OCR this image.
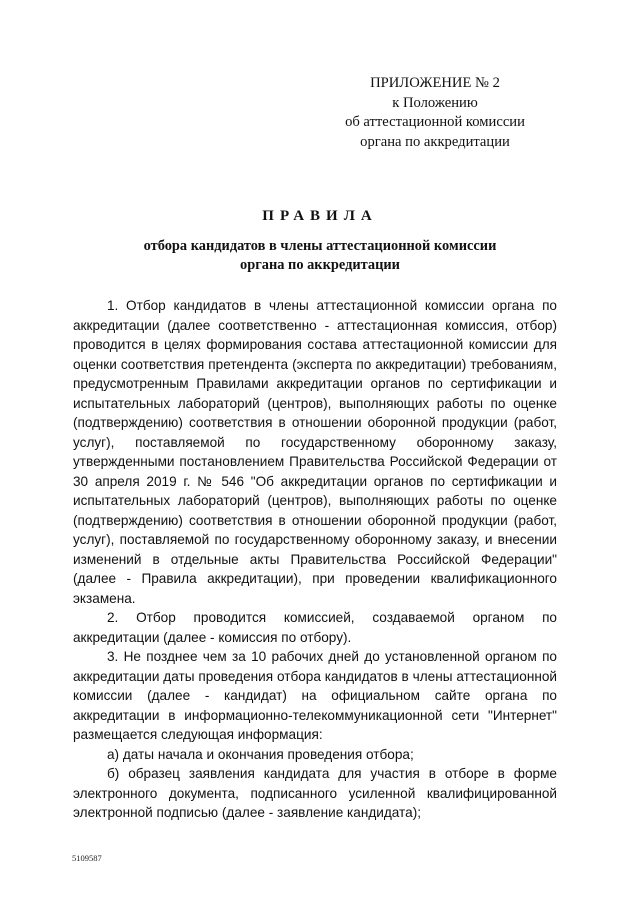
ПРИЛОЖЕНИЕ № 2
к Положению
об аттестационной комиссии
органа по аккредитации
ПРАВИЛА
отбора кандидатов в члены аттестационной комиссии
органа по аккредитации

1. Отбор кандидатов в члены аттестационной комиссии органа по аккредитации (далее соответственно - аттестационная комиссия, отбор) проводится в целях формирования состава аттестационной комиссии для оценки соответствия претендента (эксперта по аккредитации) требованиям, предусмотренным Правилами аккредитации органов по сертификации и испытательных лабораторий (центров), выполняющих работы по оценке (подтверждению) соответствия в отношении оборонной продукции (работ, услуг), поставляемой по государственному оборонному заказу, утвержденными постановлением Правительства Российской Федерации от 30 апреля 2019 г. № 546 "Об аккредитации органов по сертификации и испытательных лабораторий (центров), выполняющих работы по оценке (подтверждению) соответствия в отношении оборонной продукции (работ, услуг), поставляемой по государственному оборонному заказу, и внесении изменений в отдельные акты Правительства Российской Федерации" (далее - Правила аккредитации), при проведении квалификационного экзамена.

2. Отбор проводится комиссией, создаваемой органом по аккредитации (далее - комиссия по отбору).

3. Не позднее чем за 10 рабочих дней до установленной органом по аккредитации даты проведения отбора кандидатов в члены аттестационной комиссии (далее - кандидат) на официальном сайте органа по аккредитации в информационно-телекоммуникационной сети "Интернет" размещается следующая информация:

а) даты начала и окончания проведения отбора;

б) образец заявления кандидата для участия в отборе в форме электронного документа, подписанного усиленной квалифицированной электронной подписью (далее - заявление кандидата);

5109587
